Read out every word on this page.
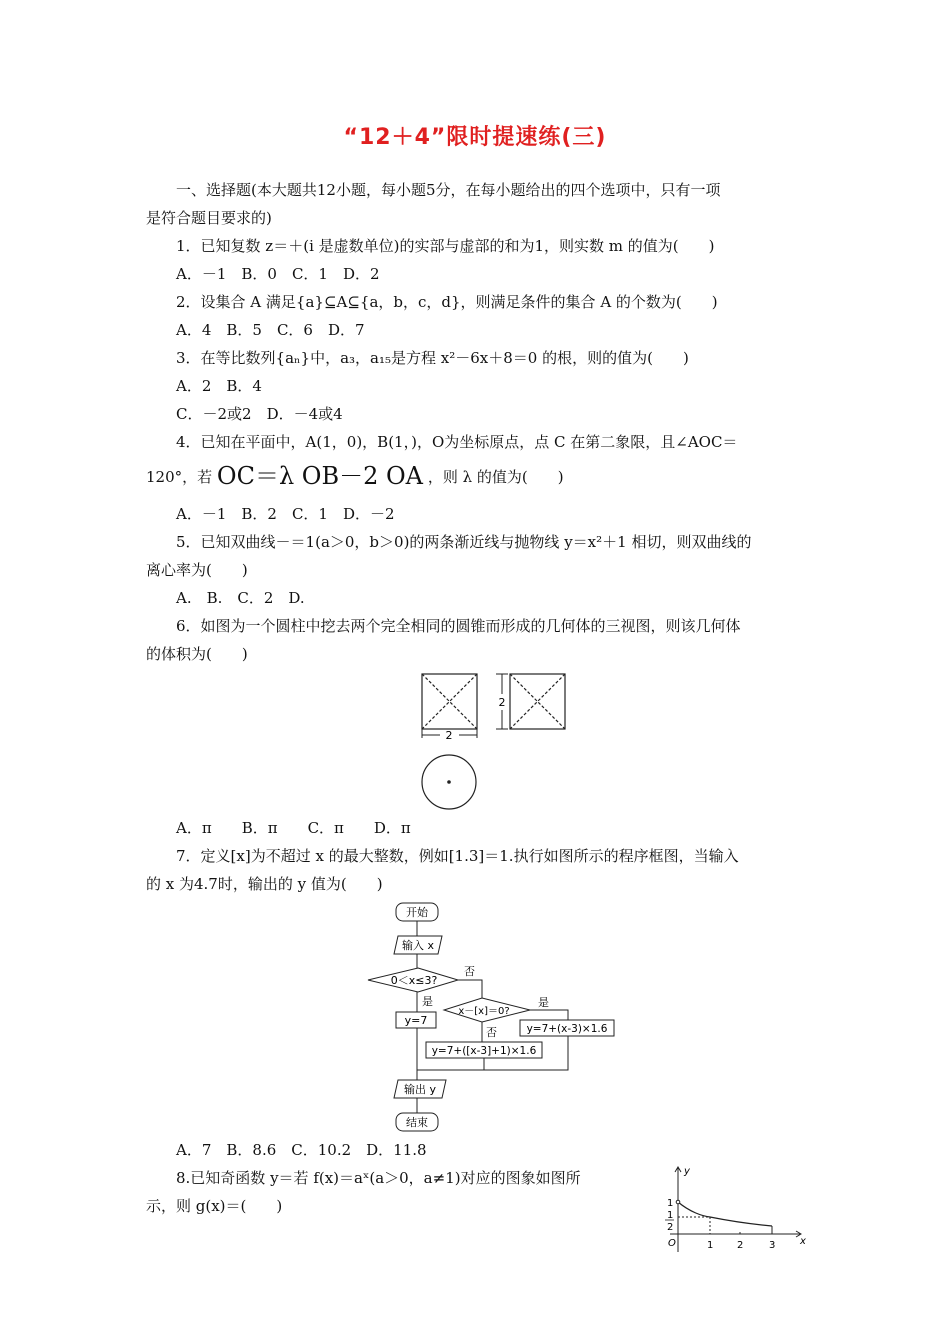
“12＋4”限时提速练(三)
一、选择题(本大题共12小题，每小题5分，在每小题给出的四个选项中，只有一项
是符合题目要求的)
1．已知复数 z＝＋(i 是虚数单位)的实部与虚部的和为1，则实数 m 的值为(　　)
A．－1　B．0　C．1　D．2
2．设集合 A 满足{a}⊆A⊆{a，b，c，d}，则满足条件的集合 A 的个数为(　　)
A．4　B．5　C．6　D．7
3．在等比数列{aₙ}中，a₃，a₁₅是方程 x²－6x＋8＝0 的根，则的值为(　　)
A．2　B．4
C．－2或2　D．－4或4
4．已知在平面中，A(1，0)，B(1，)，O为坐标原点，点 C 在第二象限，且∠AOC＝
120°，若 OC＝λ OB－2 OA ，则 λ 的值为(　　)
A．－1　B．2　C．1　D．－2
5．已知双曲线－＝1(a＞0，b＞0)的两条渐近线与抛物线 y＝x²＋1 相切，则双曲线的
离心率为(　　)
A.　B.　C．2　D.
6．如图为一个圆柱中挖去两个完全相同的圆锥而形成的几何体的三视图，则该几何体
的体积为(　　)
2
2
A．π　　B．π　　C．π　　D．π
7．定义[x]为不超过 x 的最大整数，例如[1.3]＝1.执行如图所示的程序框图，当输入
的 x 为4.7时，输出的 y 值为(　　)
开始
输入 x
0＜x≤3?
否
是
x－[x]＝0?
是
否
y=7
y=7+(x-3)×1.6
y=7+([x-3]+1)×1.6
输出 y
结束
A．7　B．8.6　C．10.2　D．11.8
8.已知奇函数 y＝若 f(x)＝aˣ(a＞0，a≠1)对应的图象如图所
示，则 g(x)＝(　　)
y
x
O
1
1
2
1 2	3
